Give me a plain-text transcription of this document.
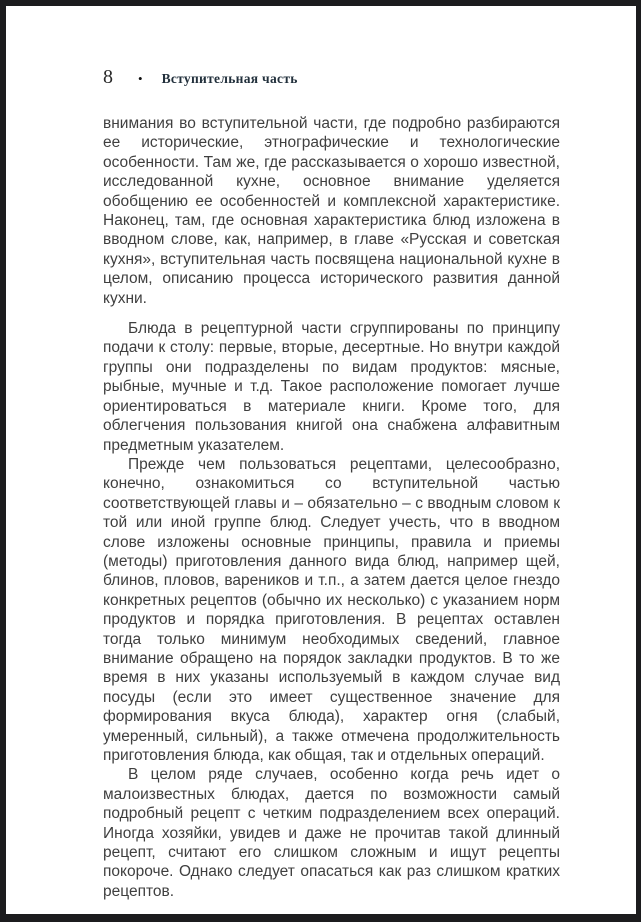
8 • Вступительная часть

внимания во вступительной части, где подробно разбираются ее исторические, этнографические и технологические особенности. Там же, где рассказывается о хорошо известной, исследованной кухне, основное внимание уделяется обобщению ее особенностей и комплексной характеристике. Наконец, там, где основная характеристика блюд изложена в вводном слове, как, например, в главе «Русская и советская кухня», вступительная часть посвящена национальной кухне в целом, описанию процесса исторического развития данной кухни.

Блюда в рецептурной части сгруппированы по принципу подачи к столу: первые, вторые, десертные. Но внутри каждой группы они подразделены по видам продуктов: мясные, рыбные, мучные и т.д. Такое расположение помогает лучше ориентироваться в материале книги. Кроме того, для облегчения пользования книгой она снабжена алфавитным предметным указателем.

Прежде чем пользоваться рецептами, целесообразно, конечно, ознакомиться со вступительной частью соответствующей главы и – обязательно – с вводным словом к той или иной группе блюд. Следует учесть, что в вводном слове изложены основные принципы, правила и приемы (методы) приготовления данного вида блюд, например щей, блинов, пловов, вареников и т.п., а затем дается целое гнездо конкретных рецептов (обычно их несколько) с указанием норм продуктов и порядка приготовления. В рецептах оставлен тогда только минимум необходимых сведений, главное внимание обращено на порядок закладки продуктов. В то же время в них указаны используемый в каждом случае вид посуды (если это имеет существенное значение для формирования вкуса блюда), характер огня (слабый, умеренный, сильный), а также отмечена продолжительность приготовления блюда, как общая, так и отдельных операций.

В целом ряде случаев, особенно когда речь идет о малоизвестных блюдах, дается по возможности самый подробный рецепт с четким подразделением всех операций. Иногда хозяйки, увидев и даже не прочитав такой длинный рецепт, считают его слишком сложным и ищут рецепты покороче. Однако следует опасаться как раз слишком кратких рецептов.
